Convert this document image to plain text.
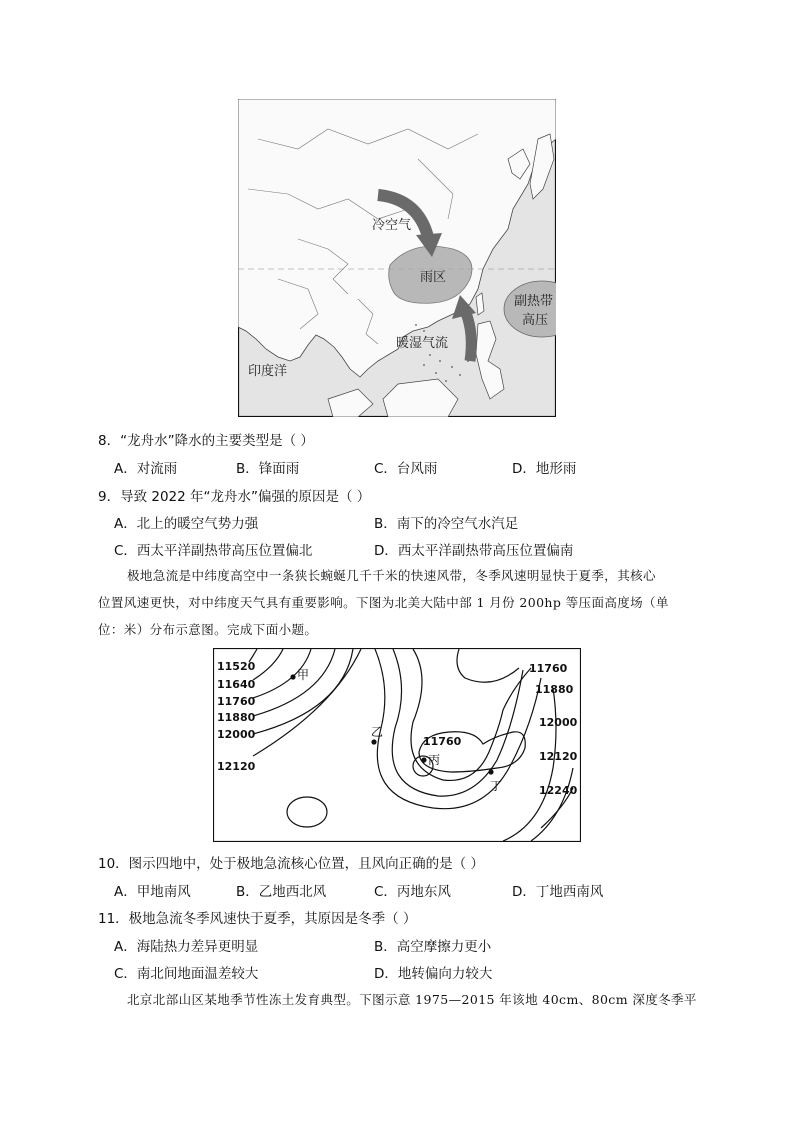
冷空气
雨区
副热带
高压
暖湿气流
印度洋
8．“龙舟水”降水的主要类型是（ ）
A．对流雨	B．锋面雨	C．台风雨	D．地形雨
9．导致 2022 年“龙舟水”偏强的原因是（ ）
A．北上的暖空气势力强	B．南下的冷空气水汽足
C．西太平洋副热带高压位置偏北	D．西太平洋副热带高压位置偏南
极地急流是中纬度高空中一条狭长蜿蜒几千千米的快速风带，冬季风速明显快于夏季，其核心
位置风速更快，对中纬度天气具有重要影响。下图为北美大陆中部 1 月份 200hp 等压面高度场（单
位：米）分布示意图。完成下面小题。
11520
11640
11760
11880
12000
12120
11760
11880
12000
12120
12240
11760
甲
乙
丙
丁
10．图示四地中，处于极地急流核心位置，且风向正确的是（ ）
A．甲地南风	B．乙地西北风	C．丙地东风	D．丁地西南风
11．极地急流冬季风速快于夏季，其原因是冬季（ ）
A．海陆热力差异更明显	B．高空摩擦力更小
C．南北间地面温差较大	D．地转偏向力较大
北京北部山区某地季节性冻土发育典型。下图示意 1975—2015 年该地 40cm、80cm 深度冬季平
